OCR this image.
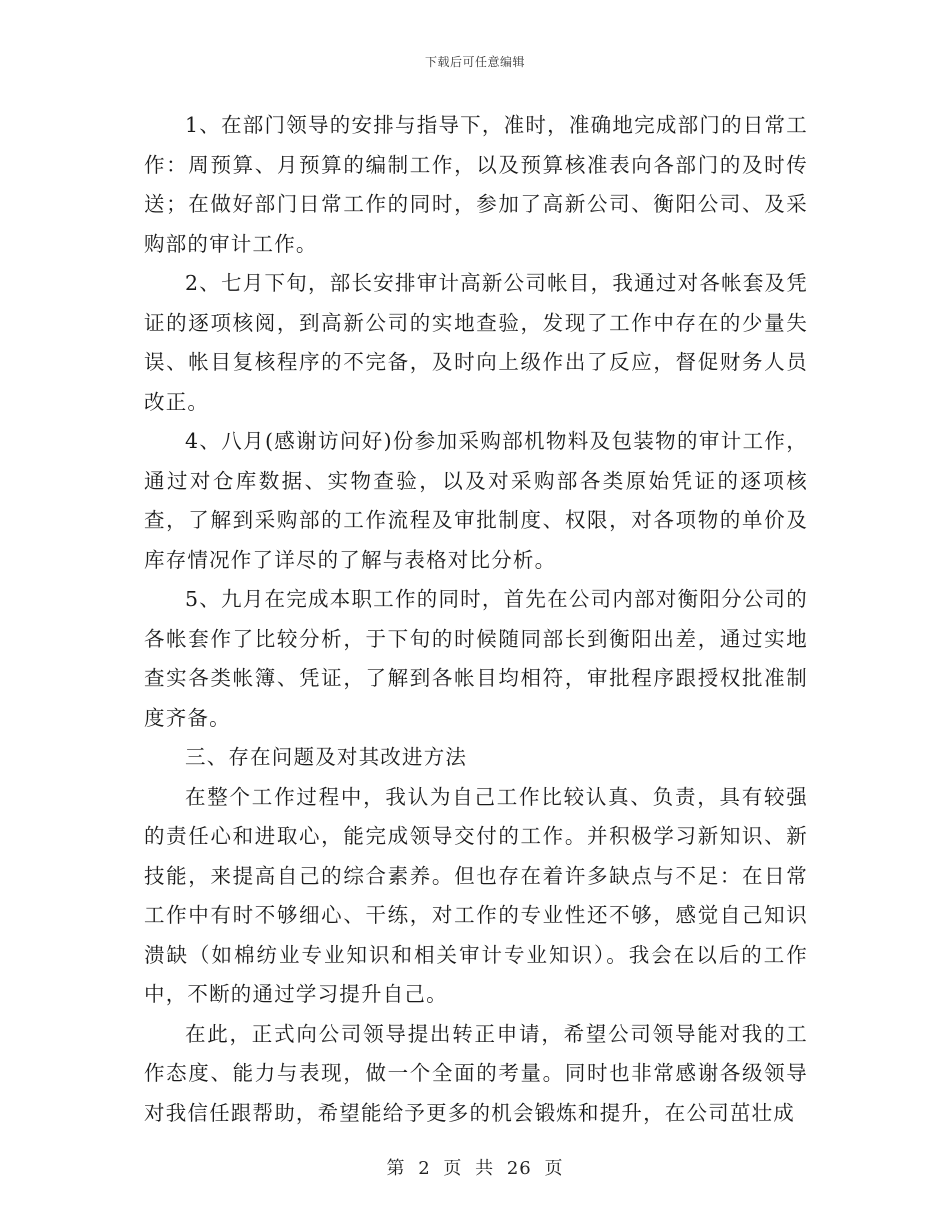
下载后可任意编辑

1、在部门领导的安排与指导下，准时，准确地完成部门的日常工作：周预算、月预算的编制工作，以及预算核准表向各部门的及时传送；在做好部门日常工作的同时，参加了高新公司、衡阳公司、及采购部的审计工作。

2、七月下旬，部长安排审计高新公司帐目，我通过对各帐套及凭证的逐项核阅，到高新公司的实地查验，发现了工作中存在的少量失误、帐目复核程序的不完备，及时向上级作出了反应，督促财务人员改正。

4、八月(感谢访问好)份参加采购部机物料及包装物的审计工作，通过对仓库数据、实物查验，以及对采购部各类原始凭证的逐项核查，了解到采购部的工作流程及审批制度、权限，对各项物的单价及库存情况作了详尽的了解与表格对比分析。

5、九月在完成本职工作的同时，首先在公司内部对衡阳分公司的各帐套作了比较分析，于下旬的时候随同部长到衡阳出差，通过实地查实各类帐簿、凭证，了解到各帐目均相符，审批程序跟授权批准制度齐备。

三、存在问题及对其改进方法

在整个工作过程中，我认为自己工作比较认真、负责，具有较强的责任心和进取心，能完成领导交付的工作。并积极学习新知识、新技能，来提高自己的综合素养。但也存在着许多缺点与不足：在日常工作中有时不够细心、干练，对工作的专业性还不够，感觉自己知识溃缺（如棉纺业专业知识和相关审计专业知识）。我会在以后的工作中，不断的通过学习提升自己。

在此，正式向公司领导提出转正申请，希望公司领导能对我的工作态度、能力与表现，做一个全面的考量。同时也非常感谢各级领导对我信任跟帮助，希望能给予更多的机会锻炼和提升，在公司茁壮成

第 2 页 共 26 页
